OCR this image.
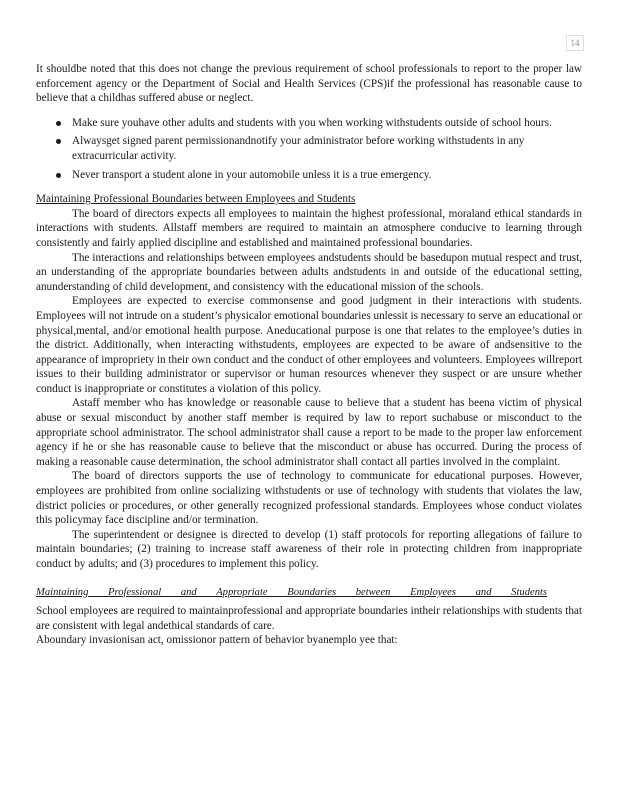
14

It shouldbe noted that this does not change the previous requirement of school professionals to report to the proper law enforcement agency or the Department of Social and Health Services (CPS)if the professional has reasonable cause to believe that a childhas suffered abuse or neglect.

Make sure youhave other adults and students with you when working withstudents outside of school hours.
Alwaysget signed parent permissionandnotify your administrator before working withstudents in any extracurricular activity.
Never transport a student alone in your automobile unless it is a true emergency.

Maintaining Professional Boundaries between Employees and Students

The board of directors expects all employees to maintain the highest professional, moraland ethical standards in interactions with students. Allstaff members are required to maintain an atmosphere conducive to learning through consistently and fairly applied discipline and established and maintained professional boundaries.

The interactions and relationships between employees andstudents should be basedupon mutual respect and trust, an understanding of the appropriate boundaries between adults andstudents in and outside of the educational setting, anunderstanding of child development, and consistency with the educational mission of the schools.

Employees are expected to exercise commonsense and good judgment in their interactions with students. Employees will not intrude on a student’s physicalor emotional boundaries unlessit is necessary to serve an educational or physical,mental, and/or emotional health purpose. Aneducational purpose is one that relates to the employee’s duties in the district. Additionally, when interacting withstudents, employees are expected to be aware of andsensitive to the appearance of impropriety in their own conduct and the conduct of other employees and volunteers. Employees willreport issues to their building administrator or supervisor or human resources whenever they suspect or are unsure whether conduct is inappropriate or constitutes a violation of this policy.

Astaff member who has knowledge or reasonable cause to believe that a student has beena victim of physical abuse or sexual misconduct by another staff member is required by law to report suchabuse or misconduct to the appropriate school administrator. The school administrator shall cause a report to be made to the proper law enforcement agency if he or she has reasonable cause to believe that the misconduct or abuse has occurred. During the process of making a reasonable cause determination, the school administrator shall contact all parties involved in the complaint.

The board of directors supports the use of technology to communicate for educational purposes. However, employees are prohibited from online socializing withstudents or use of technology with students that violates the law, district policies or procedures, or other generally recognized professional standards. Employees whose conduct violates this policymay face discipline and/or termination.

The superintendent or designee is directed to develop (1) staff protocols for reporting allegations of failure to maintain boundaries; (2) training to increase staff awareness of their role in protecting children from inappropriate conduct by adults; and (3) procedures to implement this policy.

Maintaining Professional and Appropriate Boundaries between Employees and Students

School employees are required to maintainprofessional and appropriate boundaries intheir relationships with students that are consistent with legal andethical standards of care.

Aboundary invasionisan act, omissionor pattern of behavior byanemplo yee that:
